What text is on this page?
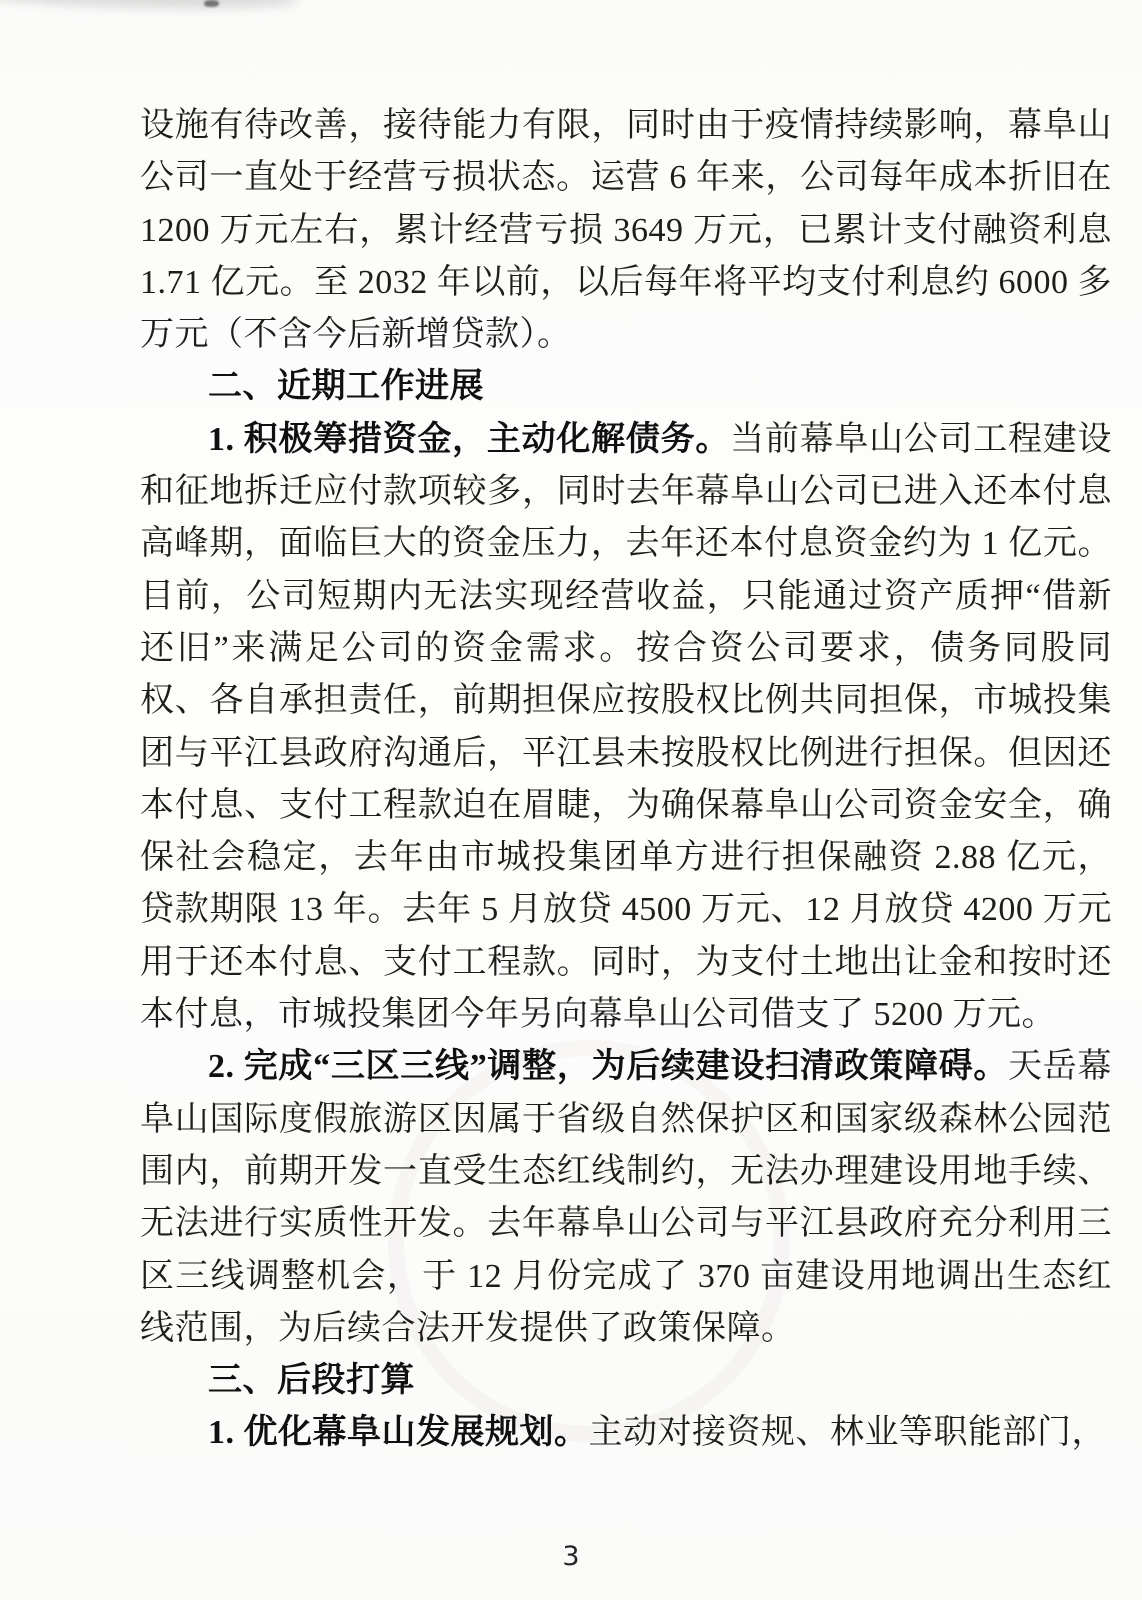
设施有待改善，接待能力有限，同时由于疫情持续影响，幕阜山公司一直处于经营亏损状态。运营 6 年来，公司每年成本折旧在 1200 万元左右，累计经营亏损 3649 万元，已累计支付融资利息 1.71 亿元。至 2032 年以前，以后每年将平均支付利息约 6000 多万元（不含今后新增贷款）。

二、近期工作进展

1. 积极筹措资金，主动化解债务。当前幕阜山公司工程建设和征地拆迁应付款项较多，同时去年幕阜山公司已进入还本付息高峰期，面临巨大的资金压力，去年还本付息资金约为 1 亿元。目前，公司短期内无法实现经营收益，只能通过资产质押“借新还旧”来满足公司的资金需求。按合资公司要求，债务同股同权、各自承担责任，前期担保应按股权比例共同担保，市城投集团与平江县政府沟通后，平江县未按股权比例进行担保。但因还本付息、支付工程款迫在眉睫，为确保幕阜山公司资金安全，确保社会稳定，去年由市城投集团单方进行担保融资 2.88 亿元，贷款期限 13 年。去年 5 月放贷 4500 万元、12 月放贷 4200 万元用于还本付息、支付工程款。同时，为支付土地出让金和按时还本付息，市城投集团今年另向幕阜山公司借支了 5200 万元。

2. 完成“三区三线”调整，为后续建设扫清政策障碍。天岳幕阜山国际度假旅游区因属于省级自然保护区和国家级森林公园范围内，前期开发一直受生态红线制约，无法办理建设用地手续、无法进行实质性开发。去年幕阜山公司与平江县政府充分利用三区三线调整机会，于 12 月份完成了 370 亩建设用地调出生态红线范围，为后续合法开发提供了政策保障。

三、后段打算

1. 优化幕阜山发展规划。主动对接资规、林业等职能部门，

3
